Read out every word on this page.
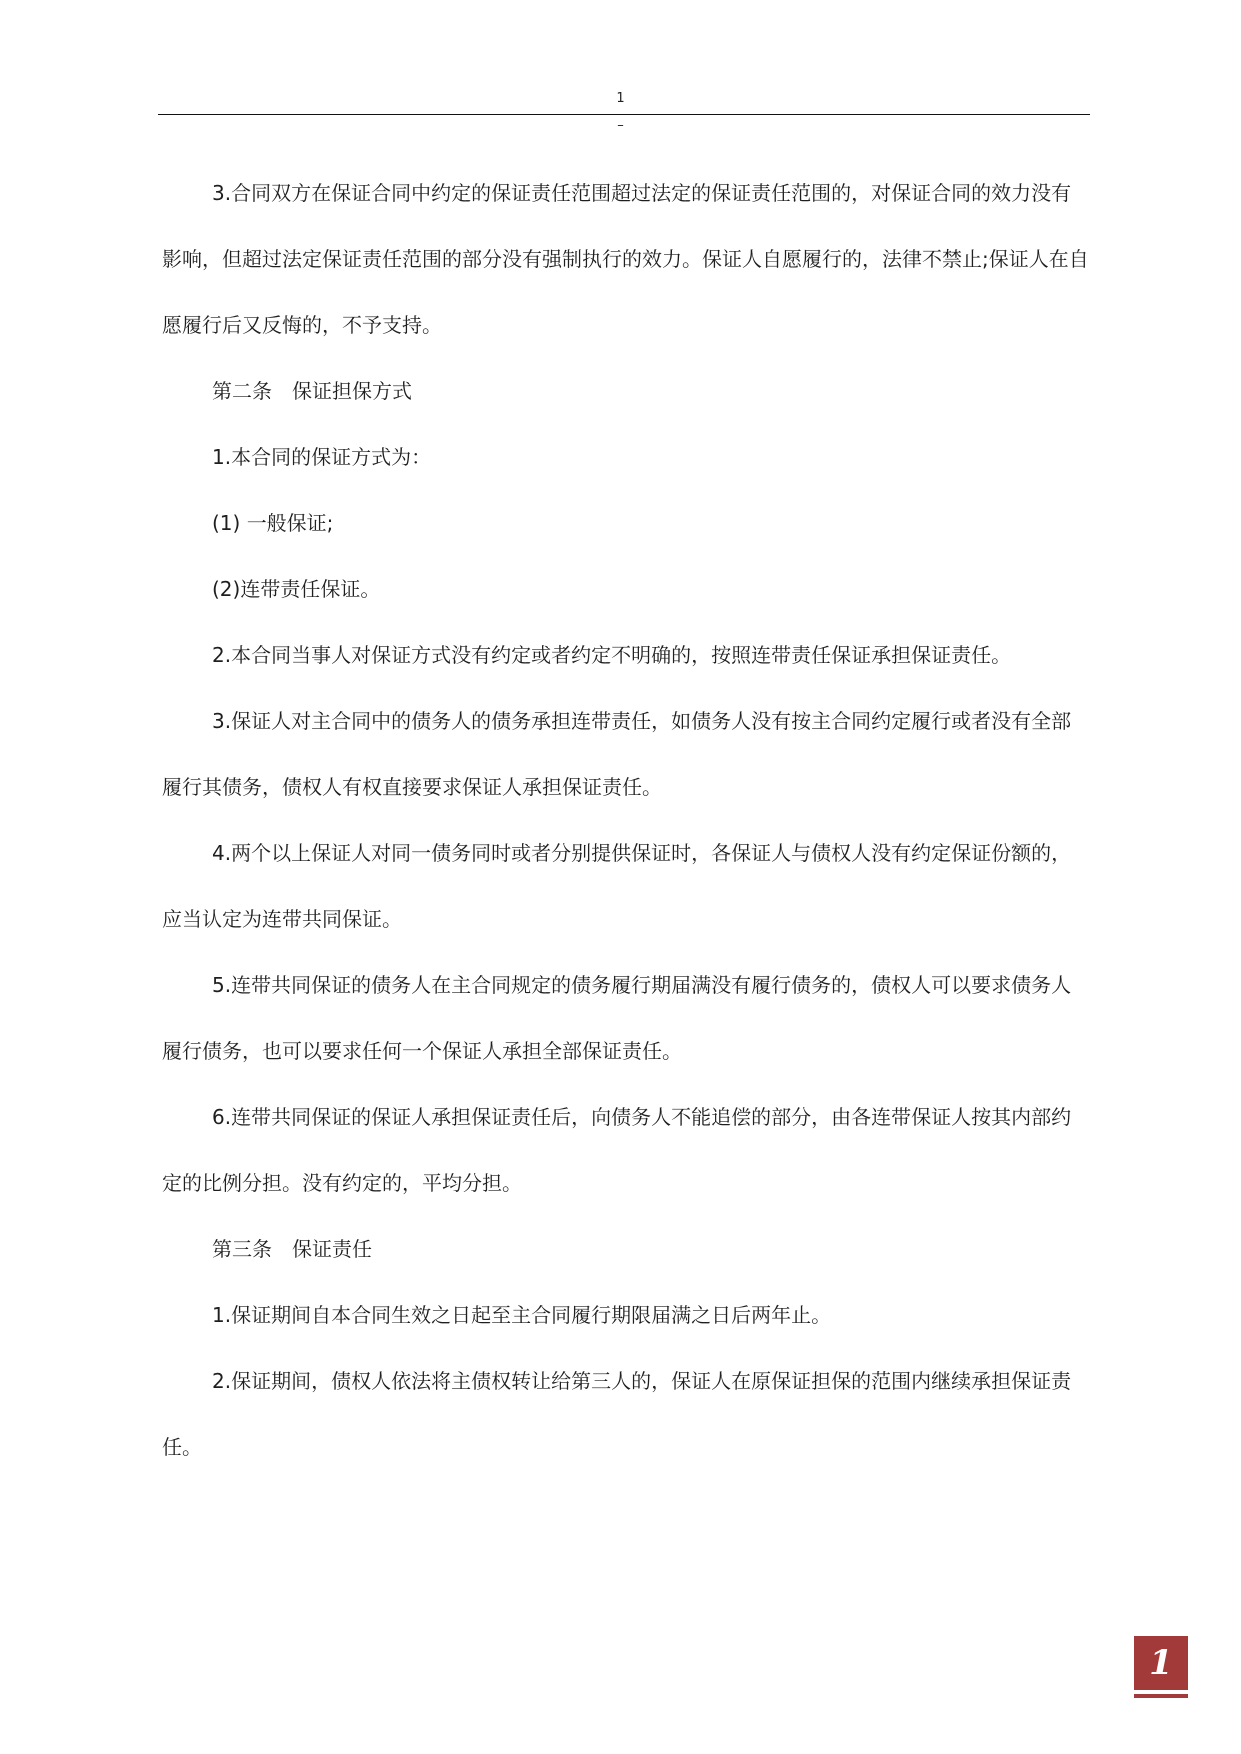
1
–

3.合同双方在保证合同中约定的保证责任范围超过法定的保证责任范围的，对保证合同的效力没有影响，但超过法定保证责任范围的部分没有强制执行的效力。保证人自愿履行的，法律不禁止;保证人在自愿履行后又反悔的，不予支持。

第二条　保证担保方式

1.本合同的保证方式为：

(1) 一般保证;

(2)连带责任保证。

2.本合同当事人对保证方式没有约定或者约定不明确的，按照连带责任保证承担保证责任。

3.保证人对主合同中的债务人的债务承担连带责任，如债务人没有按主合同约定履行或者没有全部履行其债务，债权人有权直接要求保证人承担保证责任。

4.两个以上保证人对同一债务同时或者分别提供保证时，各保证人与债权人没有约定保证份额的，应当认定为连带共同保证。

5.连带共同保证的债务人在主合同规定的债务履行期届满没有履行债务的，债权人可以要求债务人履行债务，也可以要求任何一个保证人承担全部保证责任。

6.连带共同保证的保证人承担保证责任后，向债务人不能追偿的部分，由各连带保证人按其内部约定的比例分担。没有约定的，平均分担。

第三条　保证责任

1.保证期间自本合同生效之日起至主合同履行期限届满之日后两年止。

2.保证期间，债权人依法将主债权转让给第三人的，保证人在原保证担保的范围内继续承担保证责任。

1
